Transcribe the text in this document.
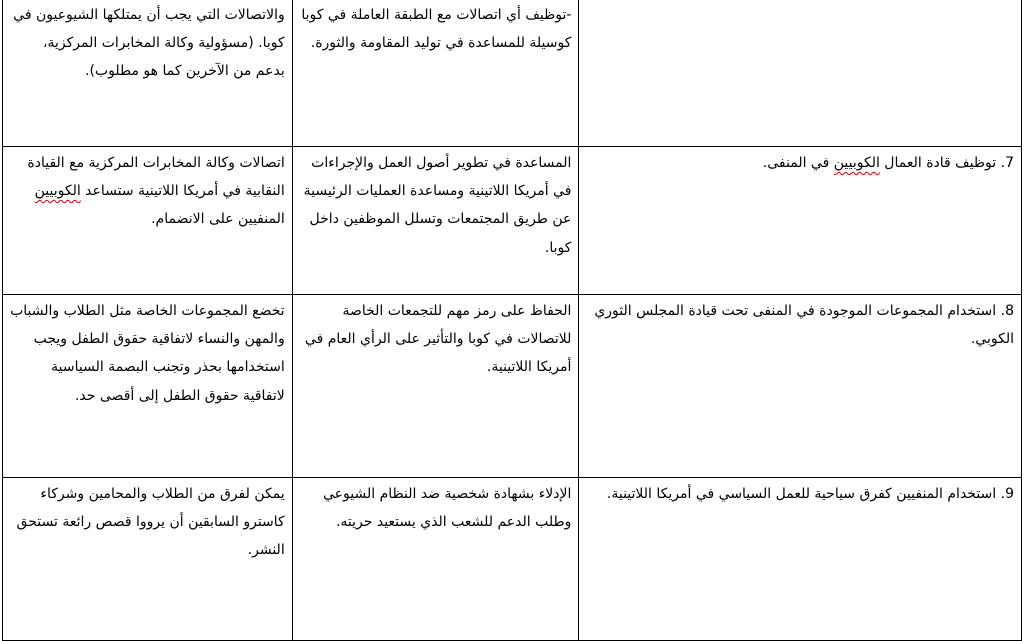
	-توظيف أي اتصالات مع الطبقة العاملة في كوبا كوسيلة للمساعدة في توليد المقاومة والثورة.	والاتصالات التي يجب أن يمتلكها الشيوعيون في كوبا. (مسؤولية وكالة المخابرات المركزية، بدعم من الآخرين كما هو مطلوب).

7. توظيف قادة العمال الكوبيين في المنفى.	المساعدة في تطوير أصول العمل والإجراءات في أمريكا اللاتينية ومساعدة العمليات الرئيسية عن طريق المجتمعات وتسلل الموظفين داخل كوبا.	اتصالات وكالة المخابرات المركزية مع القيادة النقابية في أمريكا اللاتينية ستساعد الكوبيين المنفيين على الانضمام.

8. استخدام المجموعات الموجودة في المنفى تحت قيادة المجلس الثوري الكوبي.	الحفاظ على رمز مهم للتجمعات الخاصة للاتصالات في كوبا والتأثير على الرأي العام في أمريكا اللاتينية.	تخضع المجموعات الخاصة مثل الطلاب والشباب والمهن والنساء لاتفاقية حقوق الطفل ويجب استخدامها بحذر وتجنب البصمة السياسية لاتفاقية حقوق الطفل إلى أقصى حد.

9. استخدام المنفيين كفرق سياحية للعمل السياسي في أمريكا اللاتينية.	الإدلاء بشهادة شخصية ضد النظام الشيوعي وطلب الدعم للشعب الذي يستعيد حريته.	يمكن لفرق من الطلاب والمحامين وشركاء كاسترو السابقين أن يرووا قصص رائعة تستحق النشر.
